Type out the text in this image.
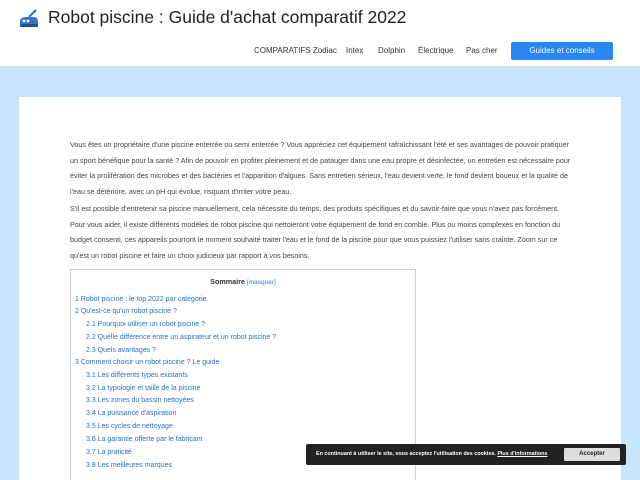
Robot piscine : Guide d'achat comparatif 2022
COMPARATIFS Zodiac Intex Dolphin Électrique Pas cher	Guides et conseils

Vous êtes un propriétaire d'une piscine enterrée ou semi enterrée ? Vous appréciez cet équipement rafraîchissant l'été et ses avantages de pouvoir pratiquer un sport bénéfique pour la santé ? Afin de pouvoir en profiter pleinement et de patauger dans une eau propre et désinfectée, un entretien est nécessaire pour éviter la prolifération des microbes et des bactéries et l'apparition d'algues. Sans entretien sérieux, l'eau devient verte, le fond devient boueux et la qualité de l'eau se détériore, avec un pH qui évolue, risquant d'irriter votre peau.

S'il est possible d'entretenir sa piscine manuellement, cela nécessite du temps, des produits spécifiques et du savoir-faire que vous n'avez pas forcément. Pour vous aider, il existe différents modèles de robot piscine qui nettoieront votre équipement de fond en comble. Plus ou moins complexes en fonction du budget consenti, ces appareils pourront le moment souhaité traiter l'eau et le fond de la piscine pour que vous puissiez l'utiliser sans crainte. Zoom sur ce qu'est un robot piscine et faire un choix judicieux par rapport à vos besoins.

Sommaire [masquer]
1 Robot piscine : le top 2022 par catégorie
2 Qu'est-ce qu'un robot piscine ?
2.1 Pourquoi utiliser un robot piscine ?
2.2 Quelle différence entre un aspirateur et un robot piscine ?
2.3 Quels avantages ?
3 Comment choisir un robot piscine ? Le guide
3.1 Les différents types existants
3.2 La typologie et taille de la piscine
3.3 Les zones du bassin nettoyées
3.4 La puissance d'aspiration
3.5 Les cycles de nettoyage
3.6 La garantie offerte par le fabricant
3.7 La praticité
3.8 Les meilleures marques
En continuant à utiliser le site, vous acceptez l'utilisation des cookies. Plus d'informations	Accepter
